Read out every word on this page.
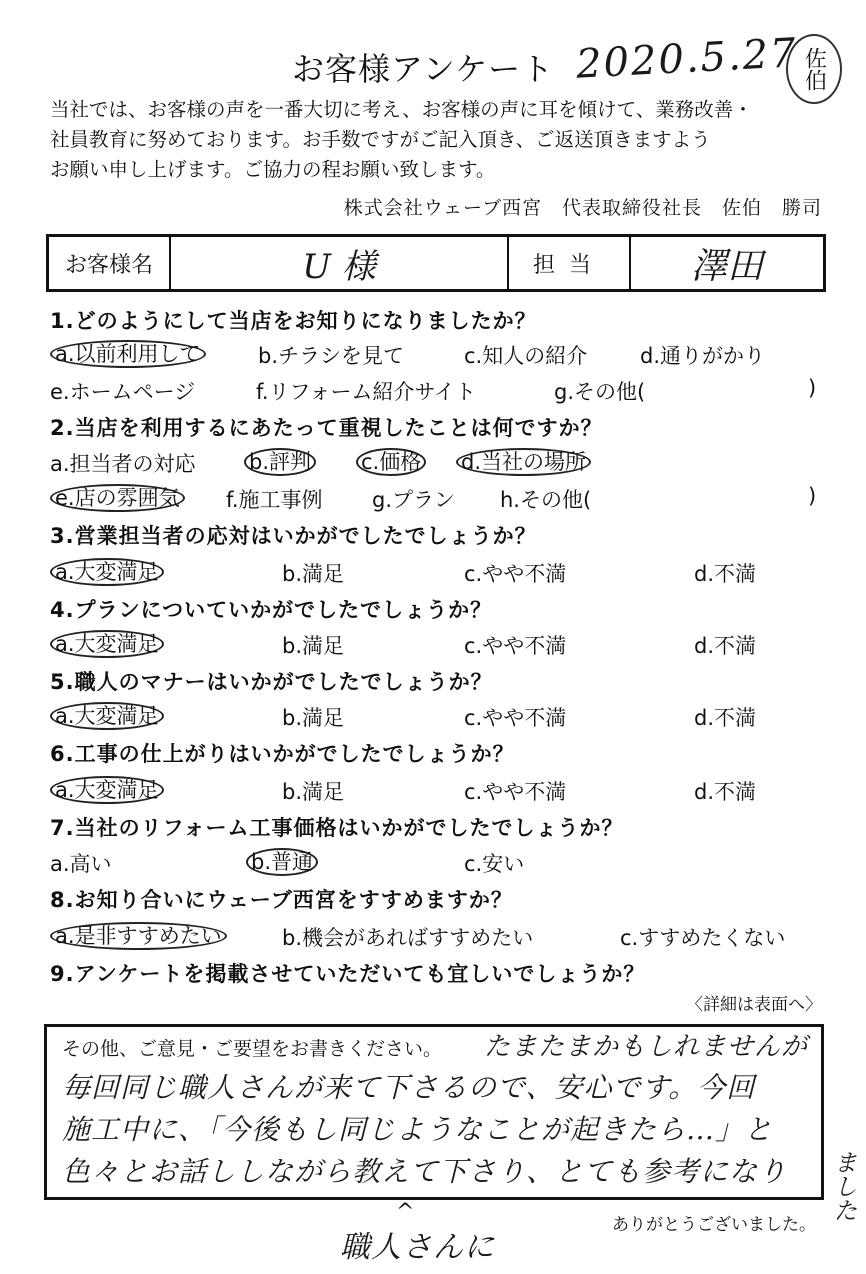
お客様アンケート 2020.5.27 佐伯
当社では、お客様の声を一番大切に考え、お客様の声に耳を傾けて、業務改善・
社員教育に努めております。お手数ですがご記入頂き、ご返送頂きますよう
お願い申し上げます。ご協力の程お願い致します。
株式会社ウェーブ西宮　代表取締役社長　佐伯　勝司
お客様名	U 様	担当	澤田
1.どのようにして当店をお知りになりましたか？
a.以前利用して	b.チラシを見て	c.知人の紹介	d.通りがかり
e.ホームページ	f.リフォーム紹介サイト	g.その他(	)
2.当店を利用するにあたって重視したことは何ですか？
a.担当者の対応	b.評判 c.価格 d.当社の場所
e.店の雰囲気 f.施工事例 g.プラン h.その他(	)
3.営業担当者の応対はいかがでしたでしょうか？
a.大変満足	b.満足	c.やや不満	d.不満
4.プランについていかがでしたでしょうか？
a.大変満足	b.満足	c.やや不満	d.不満
5.職人のマナーはいかがでしたでしょうか？
a.大変満足	b.満足	c.やや不満	d.不満
6.工事の仕上がりはいかがでしたでしょうか？
a.大変満足	b.満足	c.やや不満	d.不満
7.当社のリフォーム工事価格はいかがでしたでしょうか？
a.高い	b.普通	c.安い
8.お知り合いにウェーブ西宮をすすめますか？
a.是非すすめたい	b.機会があればすすめたい	c.すすめたくない
9.アンケートを掲載させていただいても宜しいでしょうか？
〈詳細は表面へ〉
その他、ご意見・ご要望をお書きください。 たまたまかもしれませんが
毎回同じ職人さんが来て下さるので、安心です。今回
施工中に、「今後もし同じようなことが起きたら…」と
色々とお話ししながら教えて下さり、とても参考になり ました
^
職人さんに
ありがとうございました。
